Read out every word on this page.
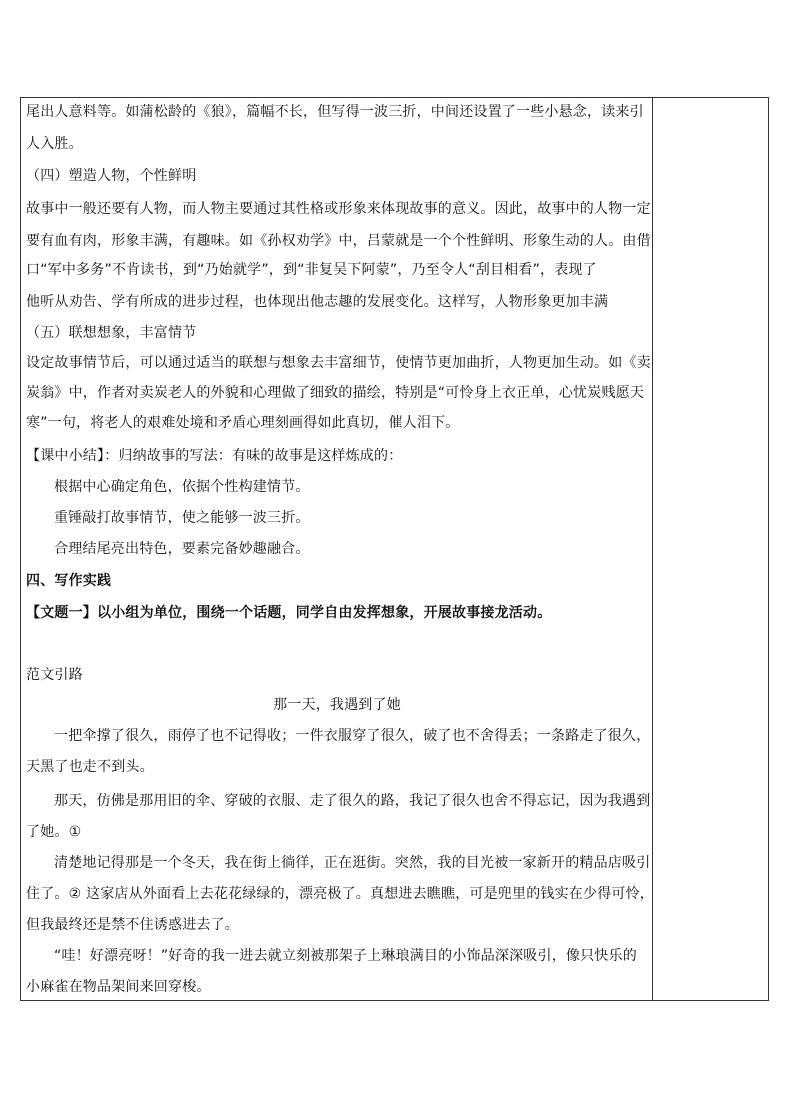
尾出人意料等。如蒲松龄的《狼》，篇幅不长，但写得一波三折，中间还设置了一些小悬念，读来引
人入胜。
（四）塑造人物，个性鲜明
故事中一般还要有人物，而人物主要通过其性格或形象来体现故事的意义。因此，故事中的人物一定
要有血有肉，形象丰满，有趣味。如《孙权劝学》中，吕蒙就是一个个性鲜明、形象生动的人。由借
口“军中多务”不肯读书，到“乃始就学”，到“非复吴下阿蒙”，乃至令人“刮目相看”，表现了
他听从劝告、学有所成的进步过程，也体现出他志趣的发展变化。这样写，人物形象更加丰满
（五）联想想象，丰富情节
设定故事情节后，可以通过适当的联想与想象去丰富细节，使情节更加曲折，人物更加生动。如《卖
炭翁》中，作者对卖炭老人的外貌和心理做了细致的描绘，特别是“可怜身上衣正单，心忧炭贱愿天
寒”一句，将老人的艰难处境和矛盾心理刻画得如此真切，催人泪下。
【课中小结】：归纳故事的写法：有味的故事是这样炼成的：
根据中心确定角色，依据个性构建情节。
重锤敲打故事情节，使之能够一波三折。
合理结尾亮出特色，要素完备妙趣融合。
四、写作实践
【文题一】以小组为单位，围绕一个话题，同学自由发挥想象，开展故事接龙活动。
范文引路
那一天，我遇到了她
一把伞撑了很久，雨停了也不记得收；一件衣服穿了很久，破了也不舍得丢；一条路走了很久，
天黑了也走不到头。
那天，仿佛是那用旧的伞、穿破的衣服、走了很久的路，我记了很久也舍不得忘记，因为我遇到
了她。①
清楚地记得那是一个冬天，我在街上徜徉，正在逛街。突然，我的目光被一家新开的精品店吸引
住了。② 这家店从外面看上去花花绿绿的，漂亮极了。真想进去瞧瞧，可是兜里的钱实在少得可怜，
但我最终还是禁不住诱惑进去了。
“哇！好漂亮呀！”好奇的我一进去就立刻被那架子上琳琅满目的小饰品深深吸引，像只快乐的
小麻雀在物品架间来回穿梭。
